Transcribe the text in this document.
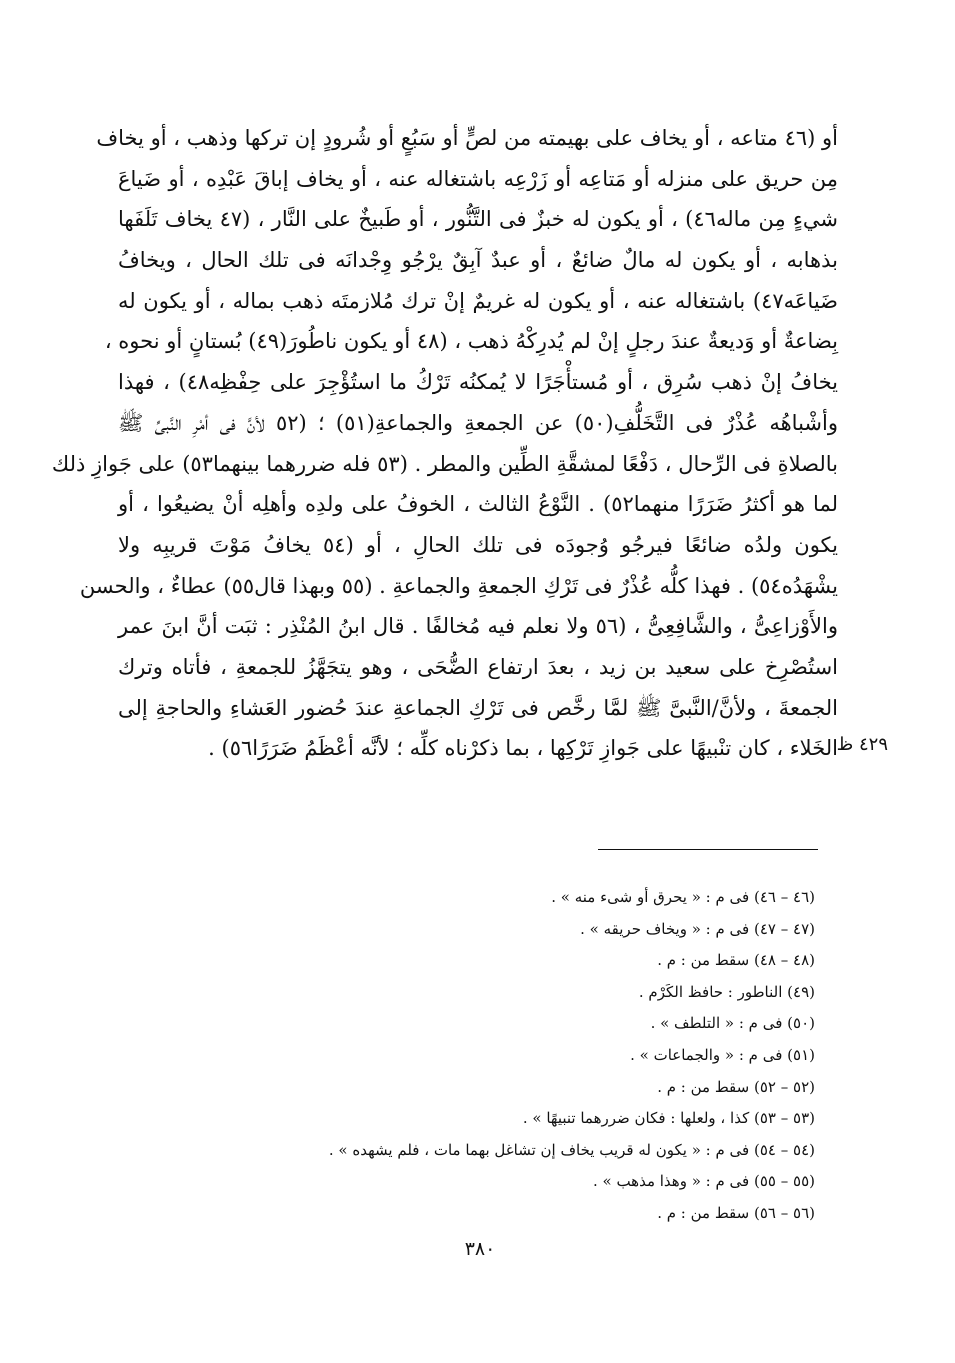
أو (٤٦ متاعه ، أو يخاف على بهيمته من لصٍّ أو سَبُعٍ أو شُرودٍ إن تركها وذهب ، أو يخاف
مِن حريق على منزله أو مَتاعِه أو زَرْعِه باشتغاله عنه ، أو يخاف إباقَ عَبْدِه ، أو ضَياعَ
شيءٍ مِن ماله٤٦) ، أو يكون له خبزٌ فى التَّنُّور ، أو طَبيخٌ على النَّار ، (٤٧ يخاف تَلَفَها
بذهابه ، أو يكون له مالٌ ضائعٌ ، أو عبدٌ آبِقٌ يرْجُو وِجْدانَه فى تلك الحال ، ويخافُ
ضَياعَه٤٧) باشتغاله عنه ، أو يكون له غريمٌ إنْ ترك مُلازمتَه ذهب بماله ، أو يكون له
بِضاعةٌ أو وَديعةٌ عندَ رجلٍ إنْ لم يُدرِكْهُ ذهب ، (٤٨ أو يكون ناطُورَ(٤٩) بُستانٍ أو نحوه ،
يخافُ إنْ ذهب سُرِق ، أو مُستأْجَرًا لا يُمكنُه تَرْكُ ما استُؤْجِرَ على حِفْظِه٤٨) ، فهذا
وأشْباهُه عُذْرٌ فى التَّخَلُّفِ(٥٠) عن الجمعةِ والجماعةِ(٥١) ؛ (٥٢ لأنَّ فى أمْرِ النَّبىِّ ﷺ
بالصلاةِ فى الرِّحال ، دَفْعًا لمشقَّةِ الطِّين والمطر . (٥٣ فله ضررهما بينهما٥٣) على جَوازِ ذلك
لما هو أكثرُ ضَرَرًا منهما٥٢) . النَّوْعُ الثالث ، الخوفُ على ولدِه وأهلِه أنْ يضيعُوا ، أو
يكون ولدُه ضائعًا فيرجُو وُجودَه فى تلك الحالِ ، أو (٥٤ يخافُ مَوْتَ قريبِه ولا
يشْهَدُه٥٤) . فهذا كلُّه عُذْرٌ فى تَرْكِ الجمعةِ والجماعةِ . (٥٥ وبهذا قال٥٥) عطاءٌ ، والحسن
والأَوْزاعِىُّ ، والشَّافِعِىُّ ، (٥٦ ولا نعلم فيه مُخالفًا . قال ابنُ المُنْذِر : ثبَت أنَّ ابنَ عمر
استُصْرِخ على سعيد بن زيد ، بعدَ ارتفاع الضُّحَى ، وهو يتجَهَّزُ للجمعةِ ، فأتاه وترك
الجمعةَ ، ولأنَّ/النَّبىَّ ﷺ لمَّا رخَّص فى تَرْكِ الجماعةِ عندَ حُضور العَشاءِ والحاجةِ إلى
الخَلاء ، كان تنْبيهًا على جَوازِ تَرْكِها ، بما ذكرْناه كلِّه ؛ لأنَّه أعْظَمُ ضَرَرًا٥٦) .
٤٢٩ ظ
(٤٦ – ٤٦) فى م : « يحرق أو شىء منه » .
(٤٧ – ٤٧) فى م : « ويخاف حريقه » .
(٤٨ – ٤٨) سقط من : م .
(٤٩) الناطور : حافظ الكَرْم .
(٥٠) فى م : « التلطف » .
(٥١) فى م : « والجماعات » .
(٥٢ – ٥٢) سقط من : م .
(٥٣ – ٥٣) كذا ، ولعلها : فكان ضررهما تنبيهًا » .
(٥٤ – ٥٤) فى م : « يكون له قريب يخاف إن تشاغل بهما مات ، فلم يشهده » .
(٥٥ – ٥٥) فى م : « وهذا مذهب » .
(٥٦ – ٥٦) سقط من : م .
٣٨٠
